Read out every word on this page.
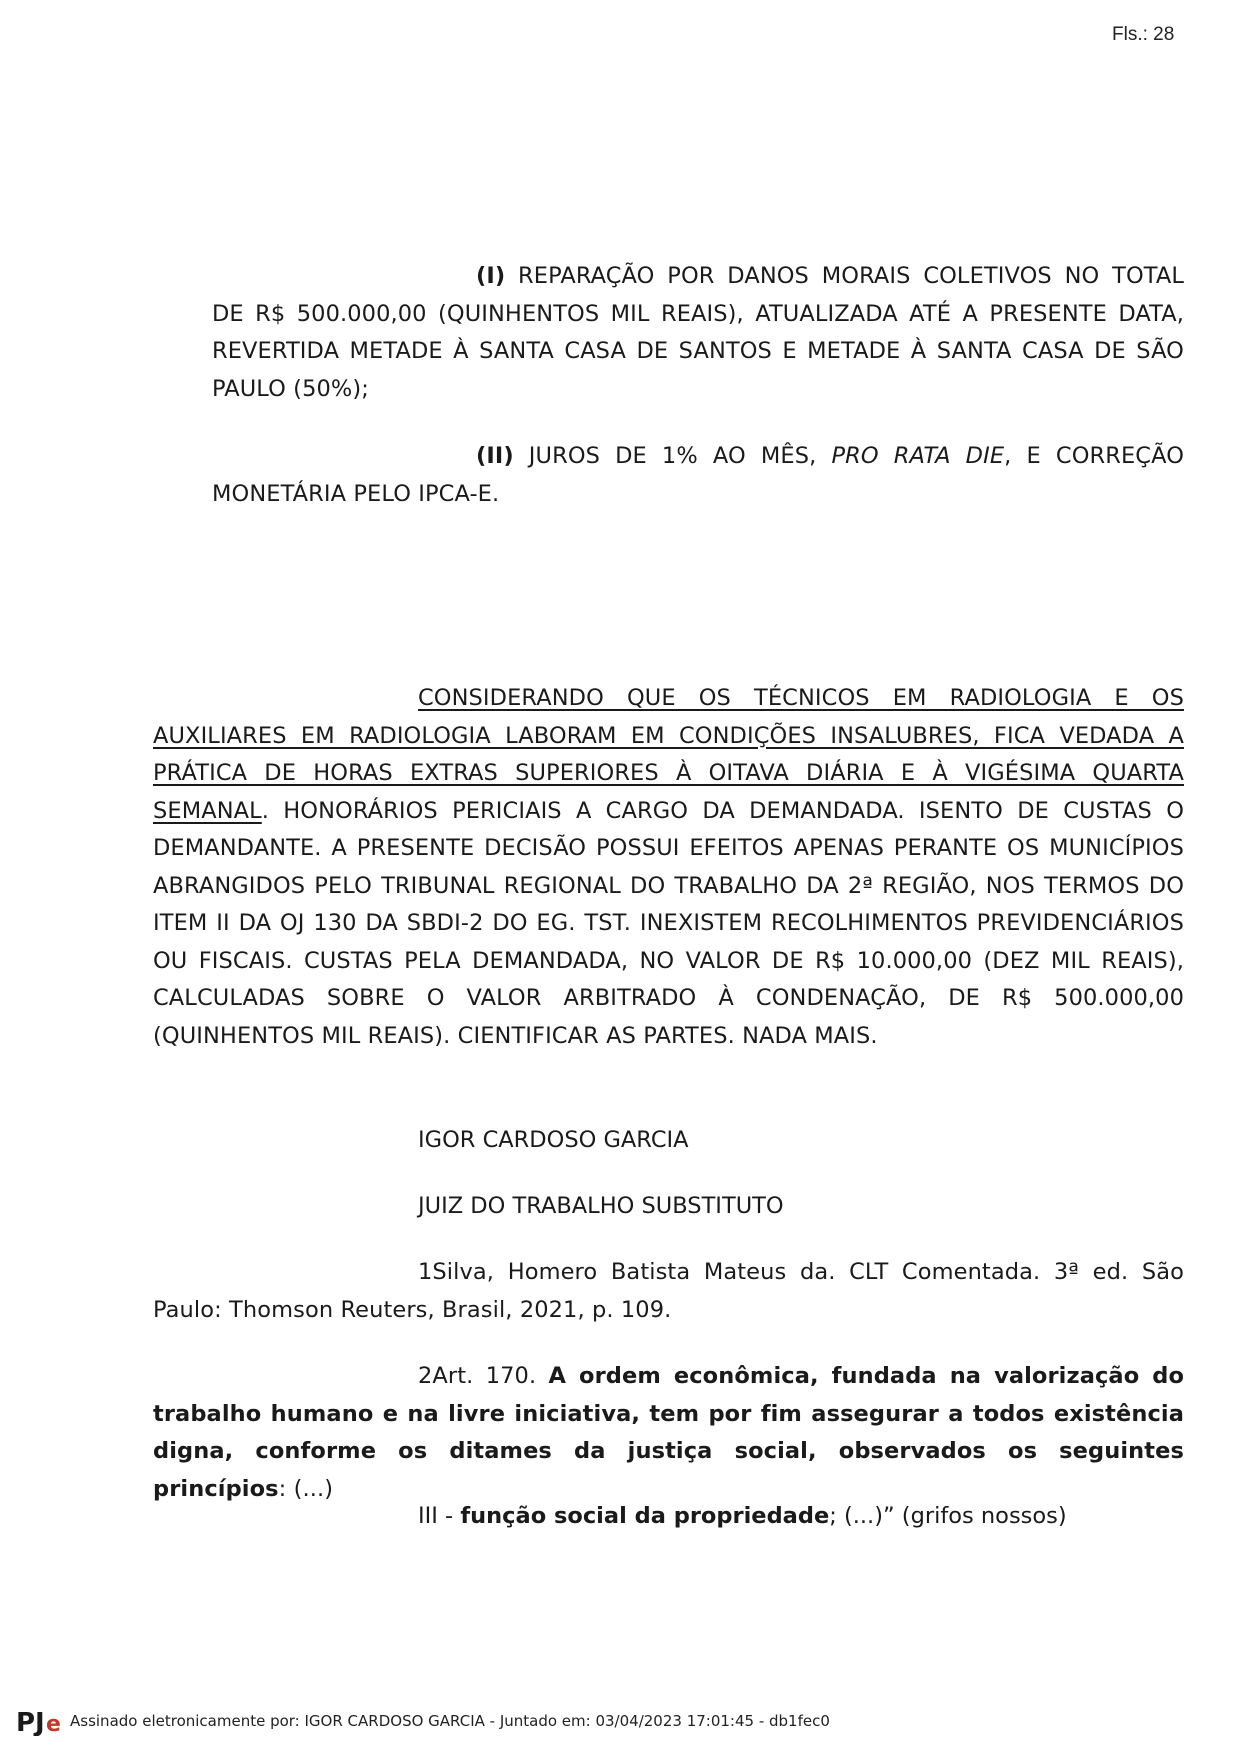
Fls.: 28

(I) REPARAÇÃO POR DANOS MORAIS COLETIVOS NO TOTAL DE R$ 500.000,00 (QUINHENTOS MIL REAIS), ATUALIZADA ATÉ A PRESENTE DATA, REVERTIDA METADE À SANTA CASA DE SANTOS E METADE À SANTA CASA DE SÃO PAULO (50%);

(II) JUROS DE 1% AO MÊS, PRO RATA DIE, E CORREÇÃO MONETÁRIA PELO IPCA-E.

CONSIDERANDO QUE OS TÉCNICOS EM RADIOLOGIA E OS AUXILIARES EM RADIOLOGIA LABORAM EM CONDIÇÕES INSALUBRES, FICA VEDADA A PRÁTICA DE HORAS EXTRAS SUPERIORES À OITAVA DIÁRIA E À VIGÉSIMA QUARTA SEMANAL. HONORÁRIOS PERICIAIS A CARGO DA DEMANDADA. ISENTO DE CUSTAS O DEMANDANTE. A PRESENTE DECISÃO POSSUI EFEITOS APENAS PERANTE OS MUNICÍPIOS ABRANGIDOS PELO TRIBUNAL REGIONAL DO TRABALHO DA 2ª REGIÃO, NOS TERMOS DO ITEM II DA OJ 130 DA SBDI-2 DO EG. TST. INEXISTEM RECOLHIMENTOS PREVIDENCIÁRIOS OU FISCAIS. CUSTAS PELA DEMANDADA, NO VALOR DE R$ 10.000,00 (DEZ MIL REAIS), CALCULADAS SOBRE O VALOR ARBITRADO À CONDENAÇÃO, DE R$ 500.000,00 (QUINHENTOS MIL REAIS). CIENTIFICAR AS PARTES. NADA MAIS.

IGOR CARDOSO GARCIA

JUIZ DO TRABALHO SUBSTITUTO

1Silva, Homero Batista Mateus da. CLT Comentada. 3ª ed. São Paulo: Thomson Reuters, Brasil, 2021, p. 109.

2Art. 170. A ordem econômica, fundada na valorização do trabalho humano e na livre iniciativa, tem por fim assegurar a todos existência digna, conforme os ditames da justiça social, observados os seguintes princípios: (...)

III - função social da propriedade; (...)” (grifos nossos)

PJ e Assinado eletronicamente por: IGOR CARDOSO GARCIA - Juntado em: 03/04/2023 17:01:45 - db1fec0
